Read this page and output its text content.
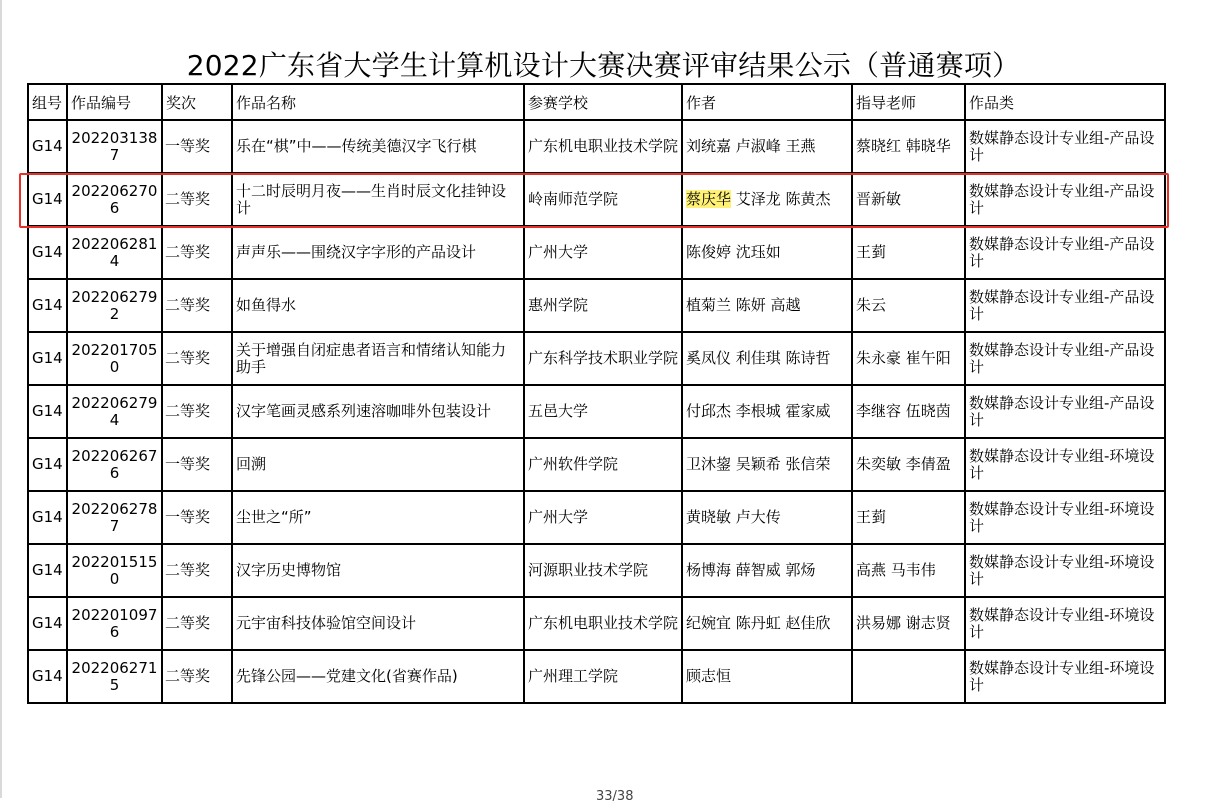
2022广东省大学生计算机设计大赛决赛评审结果公示（普通赛项）
组号	作品编号	奖次	作品名称	参赛学校	作者	指导老师	作品类
G14	2022031387	一等奖	乐在“棋”中——传统美德汉字飞行棋	广东机电职业技术学院	刘统嘉 卢淑峰 王燕	蔡晓红 韩晓华	数媒静态设计专业组-产品设计
G14	2022062706	二等奖	十二时辰明月夜——生肖时辰文化挂钟设计	岭南师范学院	蔡庆华 艾泽龙 陈黄杰	晋新敏	数媒静态设计专业组-产品设计
G14	2022062814	二等奖	声声乐——围绕汉字字形的产品设计	广州大学	陈俊婷 沈珏如	王菿	数媒静态设计专业组-产品设计
G14	2022062792	二等奖	如鱼得水	惠州学院	植菊兰 陈妍 高越	朱云	数媒静态设计专业组-产品设计
G14	2022017050	二等奖	关于增强自闭症患者语言和情绪认知能力助手	广东科学技术职业学院	奚凤仪 利佳琪 陈诗哲	朱永豪 崔午阳	数媒静态设计专业组-产品设计
G14	2022062794	二等奖	汉字笔画灵感系列速溶咖啡外包装设计	五邑大学	付邱杰 李根城 霍家威	李继容 伍晓茵	数媒静态设计专业组-产品设计
G14	2022062676	一等奖	回溯	广州软件学院	卫沐鋆 吴颖希 张信荣	朱奕敏 李倩盈	数媒静态设计专业组-环境设计
G14	2022062787	一等奖	尘世之“所”	广州大学	黄晓敏 卢大传	王菿	数媒静态设计专业组-环境设计
G14	2022015150	二等奖	汉字历史博物馆	河源职业技术学院	杨博海 薛智威 郭炀	高燕 马韦伟	数媒静态设计专业组-环境设计
G14	2022010976	二等奖	元宇宙科技体验馆空间设计	广东机电职业技术学院	纪婉宜 陈丹虹 赵佳欣	洪易娜 谢志贤	数媒静态设计专业组-环境设计
G14	2022062715	二等奖	先锋公园——党建文化(省赛作品)	广州理工学院	顾志恒		数媒静态设计专业组-环境设计
33/38
